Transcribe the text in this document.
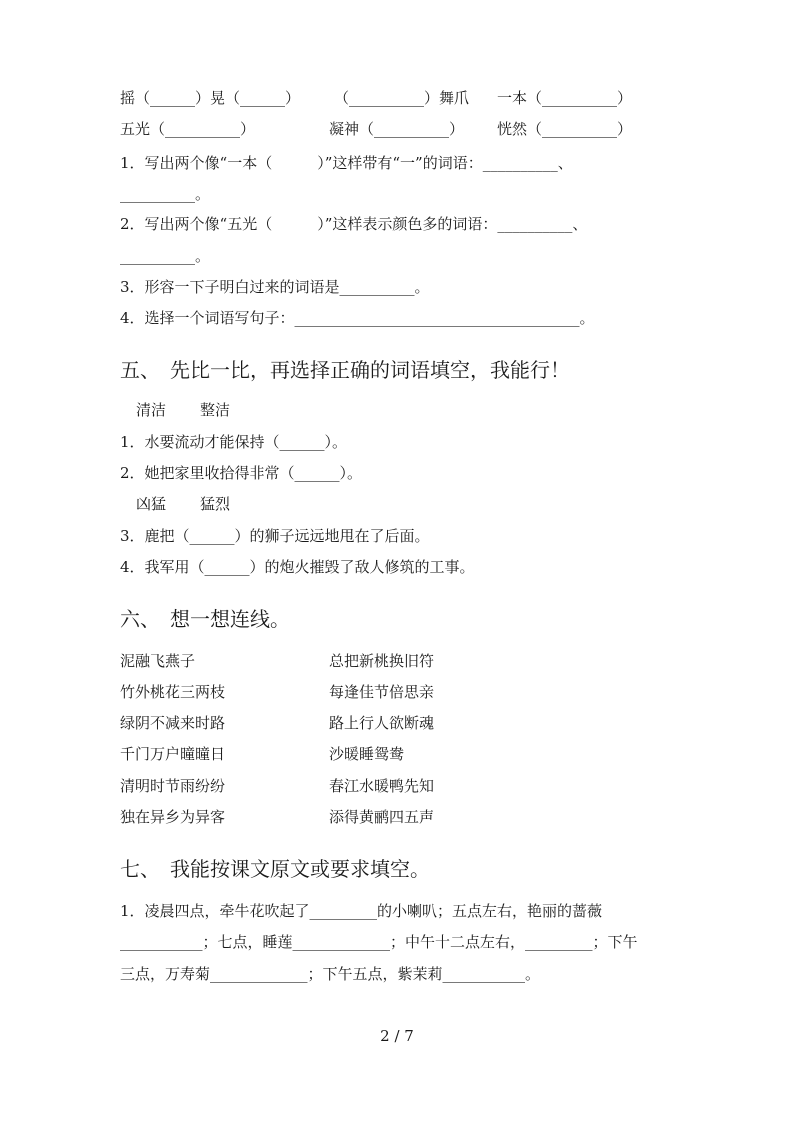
摇（______）晃（______） （__________）舞爪 一本（__________）
五光（__________）	凝神（__________） 恍然（__________）
1．写出两个像“一本（　　　）”这样带有“一”的词语：__________、
__________。
2．写出两个像“五光（　　　）”这样表示颜色多的词语：__________、
__________。
3．形容一下子明白过来的词语是__________。
4．选择一个词语写句子：______________________________________。
五、　先比一比，再选择正确的词语填空，我能行！
清洁 整洁
1．水要流动才能保持（______）。
2．她把家里收拾得非常（______）。
凶猛 猛烈
3．鹿把（______）的狮子远远地甩在了后面。
4．我军用（______）的炮火摧毁了敌人修筑的工事。
六、　想一想连线。
泥融飞燕子	总把新桃换旧符
竹外桃花三两枝	每逢佳节倍思亲
绿阴不减来时路	路上行人欲断魂
千门万户曈曈日	沙暖睡鸳鸯
清明时节雨纷纷	春江水暖鸭先知
独在异乡为异客	添得黄鹂四五声
七、　我能按课文原文或要求填空。
1．凌晨四点，牵牛花吹起了_________的小喇叭；五点左右，艳丽的蔷薇
___________；七点，睡莲_____________；中午十二点左右，_________；下午
三点，万寿菊_____________；下午五点，紫茉莉___________。
2 / 7
